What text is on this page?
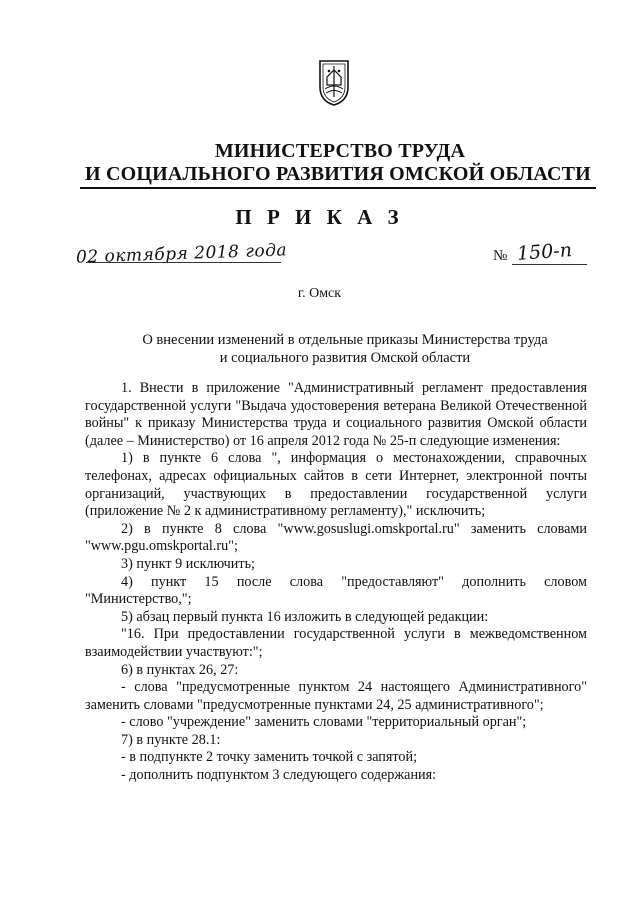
МИНИСТЕРСТВО ТРУДА
И СОЦИАЛЬНОГО РАЗВИТИЯ ОМСКОЙ ОБЛАСТИ
П Р И К А З
02 октября 2018 года	№ 150-п
г. Омск
О внесении изменений в отдельные приказы Министерства труда
и социального развития Омской области

1. Внести в приложение "Административный регламент предоставления государственной услуги "Выдача удостоверения ветерана Великой Отечественной войны" к приказу Министерства труда и социального развития Омской области (далее – Министерство) от 16 апреля 2012 года № 25-п следующие изменения:

1) в пункте 6 слова ", информация о местонахождении, справочных телефонах, адресах официальных сайтов в сети Интернет, электронной почты организаций, участвующих в предоставлении государственной услуги (приложение № 2 к административному регламенту)," исключить;

2) в пункте 8 слова "www.gosuslugi.omskportal.ru" заменить словами "www.pgu.omskportal.ru";

3) пункт 9 исключить;

4) пункт 15 после слова "предоставляют" дополнить словом "Министерство,";

5) абзац первый пункта 16 изложить в следующей редакции:

"16. При предоставлении государственной услуги в межведомственном взаимодействии участвуют:";

6) в пунктах 26, 27:

- слова "предусмотренные пунктом 24 настоящего Административного" заменить словами "предусмотренные пунктами 24, 25 административного";

- слово "учреждение" заменить словами "территориальный орган";

7) в пункте 28.1:

- в подпункте 2 точку заменить точкой с запятой;

- дополнить подпунктом 3 следующего содержания:
